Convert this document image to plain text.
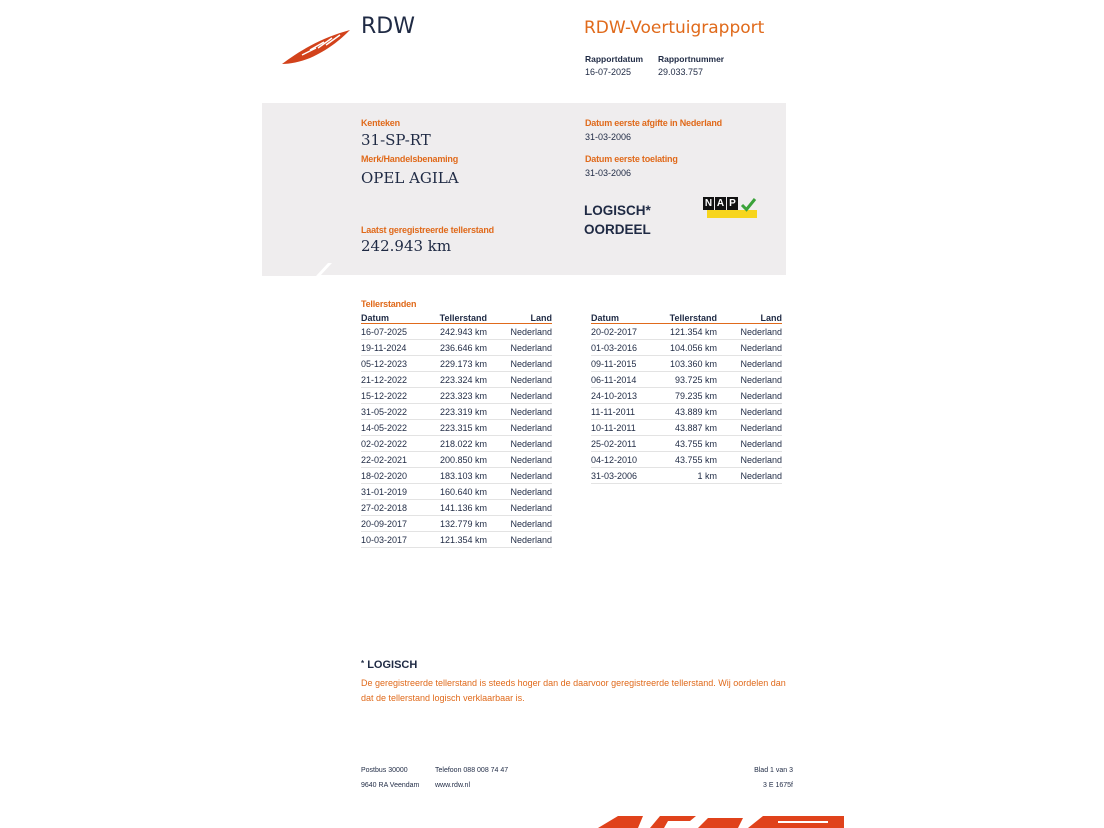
RDW	RDW-Voertuigrapport
Rapportdatum
16-07-2025
Rapportnummer
29.033.757
Kenteken
31-SP-RT
Merk/Handelsbenaming
OPEL AGILA
Laatst geregistreerde tellerstand
242.943 km
Datum eerste afgifte in Nederland
31-03-2006
Datum eerste toelating
31-03-2006
LOGISCH*
OORDEEL
N A P
Tellerstanden
Datum	Tellerstand	Land
16-07-2025	242.943 km	Nederland
19-11-2024	236.646 km	Nederland
05-12-2023	229.173 km	Nederland
21-12-2022	223.324 km	Nederland
15-12-2022	223.323 km	Nederland
31-05-2022	223.319 km	Nederland
14-05-2022	223.315 km	Nederland
02-02-2022	218.022 km	Nederland
22-02-2021	200.850 km	Nederland
18-02-2020	183.103 km	Nederland
31-01-2019	160.640 km	Nederland
27-02-2018	141.136 km	Nederland
20-09-2017	132.779 km	Nederland
10-03-2017	121.354 km	Nederland
Datum	Tellerstand	Land
20-02-2017	121.354 km	Nederland
01-03-2016	104.056 km	Nederland
09-11-2015	103.360 km	Nederland
06-11-2014	93.725 km	Nederland
24-10-2013	79.235 km	Nederland
11-11-2011	43.889 km	Nederland
10-11-2011	43.887 km	Nederland
25-02-2011	43.755 km	Nederland
04-12-2010	43.755 km	Nederland
31-03-2006	1 km	Nederland
* LOGISCH
De geregistreerde tellerstand is steeds hoger dan de daarvoor geregistreerde tellerstand. Wij oordelen dan dat de tellerstand logisch verklaarbaar is.
Postbus 30000
9640 RA Veendam
Telefoon 088 008 74 47
www.rdw.nl
Blad 1 van 3
3 E 1675f
